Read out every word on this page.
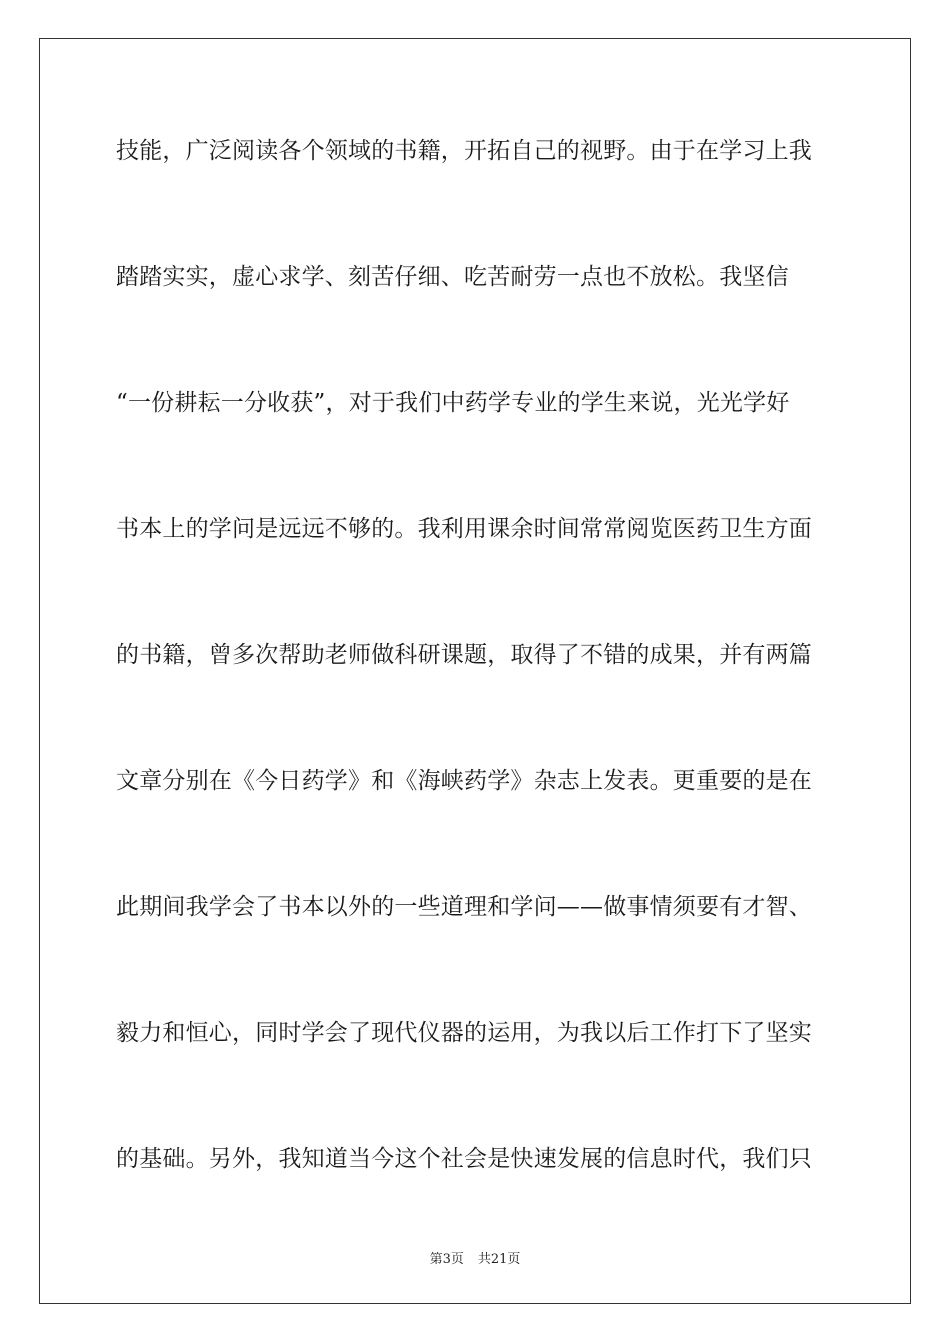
技能，广泛阅读各个领域的书籍，开拓自己的视野。由于在学习上我
踏踏实实，虚心求学、刻苦仔细、吃苦耐劳一点也不放松。我坚信
“一份耕耘一分收获”，对于我们中药学专业的学生来说，光光学好
书本上的学问是远远不够的。我利用课余时间常常阅览医药卫生方面
的书籍，曾多次帮助老师做科研课题，取得了不错的成果，并有两篇
文章分别在《今日药学》和《海峡药学》杂志上发表。更重要的是在
此期间我学会了书本以外的一些道理和学问——做事情须要有才智、
毅力和恒心，同时学会了现代仪器的运用，为我以后工作打下了坚实
的基础。另外，我知道当今这个社会是快速发展的信息时代，我们只
第3页 共21页
